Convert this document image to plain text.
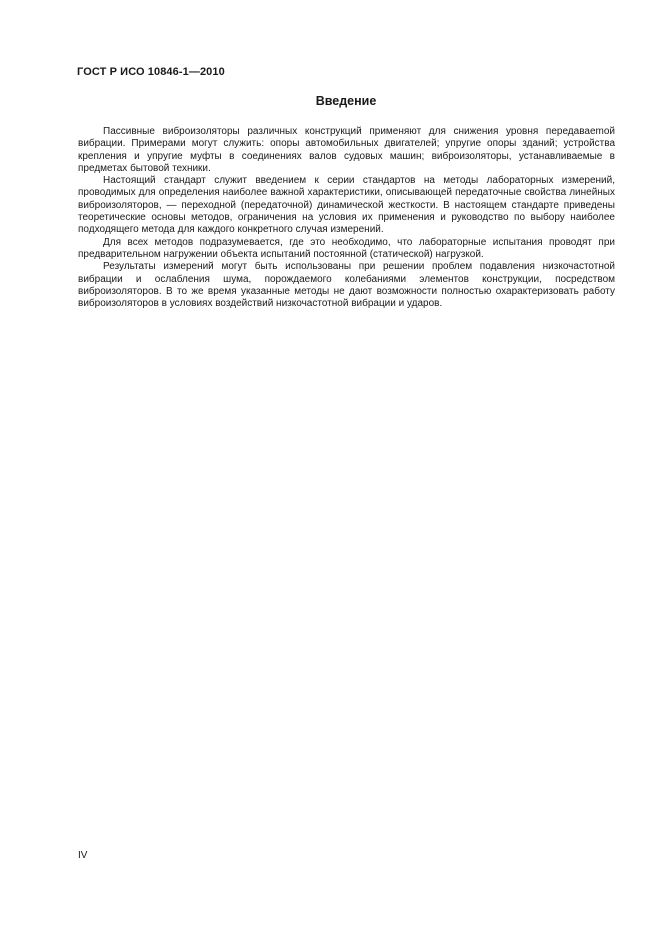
ГОСТ Р ИСО 10846-1—2010
Введение

Пассивные виброизоляторы различных конструкций применяют для снижения уровня передаваеmой вибрации. Примерами могут служить: опоры автомобильных двигателей; упругие опоры зданий; устройства крепления и упругие муфты в соединениях валов судовых машин; виброизоляторы, устанавливаемые в предметах бытовой техники.

Настоящий стандарт служит введением к серии стандартов на методы лабораторных измерений, проводимых для определения наиболее важной характеристики, описывающей передаточные свойства линейных виброизоляторов, — переходной (передаточной) динамической жесткости. В настоящем стандарте приведены теоретические основы методов, ограничения на условия их применения и руководство по выбору наиболее подходящего метода для каждого конкретного случая измерений.

Для всех методов подразумевается, где это необходимо, что лабораторные испытания проводят при предварительном нагружении объекта испытаний постоянной (статической) нагрузкой.

Результаты измерений могут быть использованы при решении проблем подавления низкочастотной вибрации и ослабления шума, порождаемого колебаниями элементов конструкции, посредством виброизоляторов. В то же время указанные методы не дают возможности полностью охарактеризовать работу виброизоляторов в условиях воздействий низкочастотной вибрации и ударов.

IV
